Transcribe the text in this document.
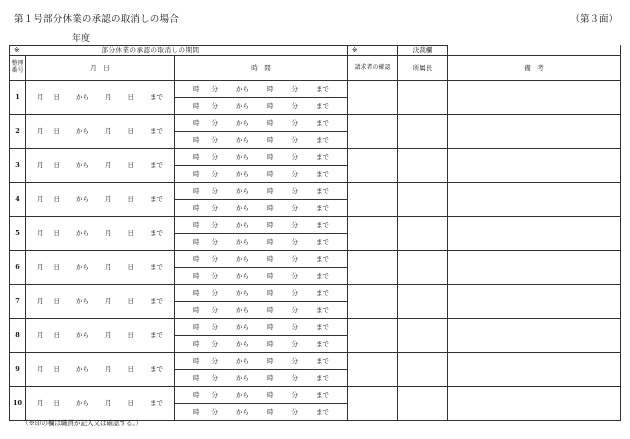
第１号部分休業の承認の取消しの場合	（第３面）
年度
※ 部分休業の承認の取消しの期間			※	決裁欄	
整理番号	月　日	時　間	請求者の確認	所属長	備　考
1	月 日 から 月 日 まで	時 分 から 時 分 まで			
		時 分 から 時 分 まで			
2	月 日 から 月 日 まで	時 分 から 時 分 まで			
		時 分 から 時 分 まで			
3	月 日 から 月 日 まで	時 分 から 時 分 まで			
		時 分 から 時 分 まで			
4	月 日 から 月 日 まで	時 分 から 時 分 まで			
		時 分 から 時 分 まで			
5	月 日 から 月 日 まで	時 分 から 時 分 まで			
		時 分 から 時 分 まで			
6	月 日 から 月 日 まで	時 分 から 時 分 まで			
		時 分 から 時 分 まで			
7	月 日 から 月 日 まで	時 分 から 時 分 まで			
		時 分 から 時 分 まで			
8	月 日 から 月 日 まで	時 分 から 時 分 まで			
		時 分 から 時 分 まで			
9	月 日 から 月 日 まで	時 分 から 時 分 まで			
		時 分 から 時 分 まで			
10	月 日 から 月 日 まで	時 分 から 時 分 まで			
		時 分 から 時 分 まで			
（※印の欄は職員が記入又は確認する。）
